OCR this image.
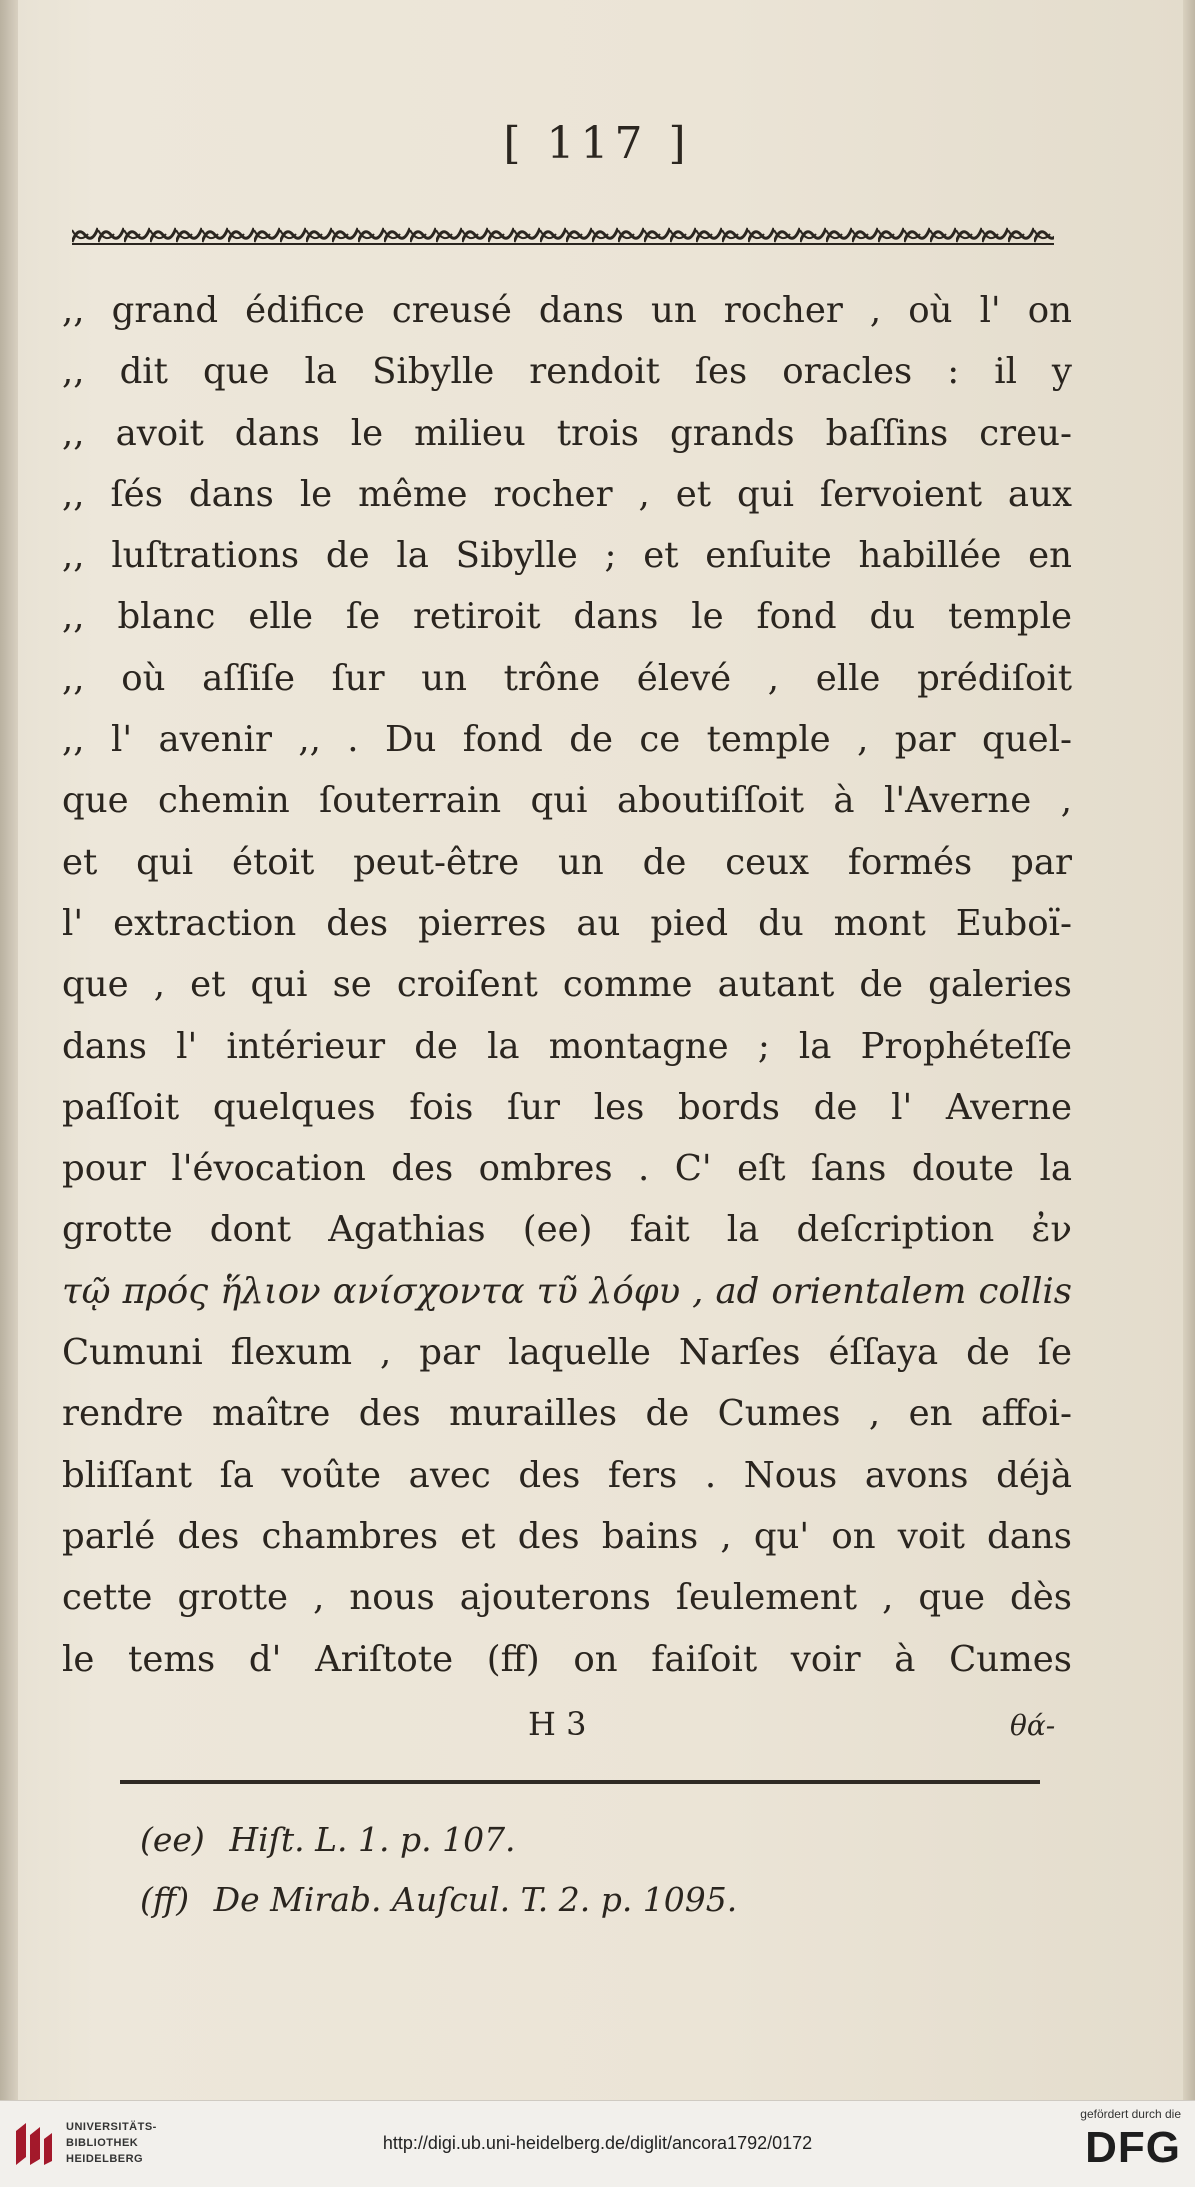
[ 117 ]
,, grand édifice creusé dans un rocher , où l' on
,, dit que la Sibylle rendoit ſes oracles : il y
,, avoit dans le milieu trois grands baſſins creu-
,, ſés dans le même rocher , et qui ſervoient aux
,, luſtrations de la Sibylle ; et enſuite habillée en
,, blanc elle ſe retiroit dans le fond du temple
,, où aſſiſe ſur un trône élevé , elle prédiſoit
,, l' avenir ,, . Du fond de ce temple , par quel-
que chemin ſouterrain qui aboutiſſoit à l'Averne ,
et qui étoit peut-être un de ceux formés par
l' extraction des pierres au pied du mont Euboï-
que , et qui se croiſent comme autant de galeries
dans l' intérieur de la montagne ; la Prophéteſſe
paſſoit quelques fois ſur les bords de l' Averne
pour l'évocation des ombres . C' eſt ſans doute la
grotte dont Agathias (ee) fait la deſcription ἐν
τῷ πρός ἥλιον ανίσχοντα τῦ λόφυ , ad orientalem collis
Cumuni flexum , par laquelle Narſes éſſaya de ſe
rendre maître des murailles de Cumes , en affoi-
bliſſant ſa voûte avec des fers . Nous avons déjà
parlé des chambres et des bains , qu' on voit dans
cette grotte , nous ajouterons ſeulement , que dès
le tems d' Ariſtote (ff) on faiſoit voir à Cumes
H 3	θά-
(ee) Hiſt. L. 1. p. 107.
(ff) De Mirab. Auſcul. T. 2. p. 1095.
UNIVERSITÄTS-
BIBLIOTHEK
HEIDELBERG
http://digi.ub.uni-heidelberg.de/diglit/ancora1792/0172
gefördert durch die
DFG
